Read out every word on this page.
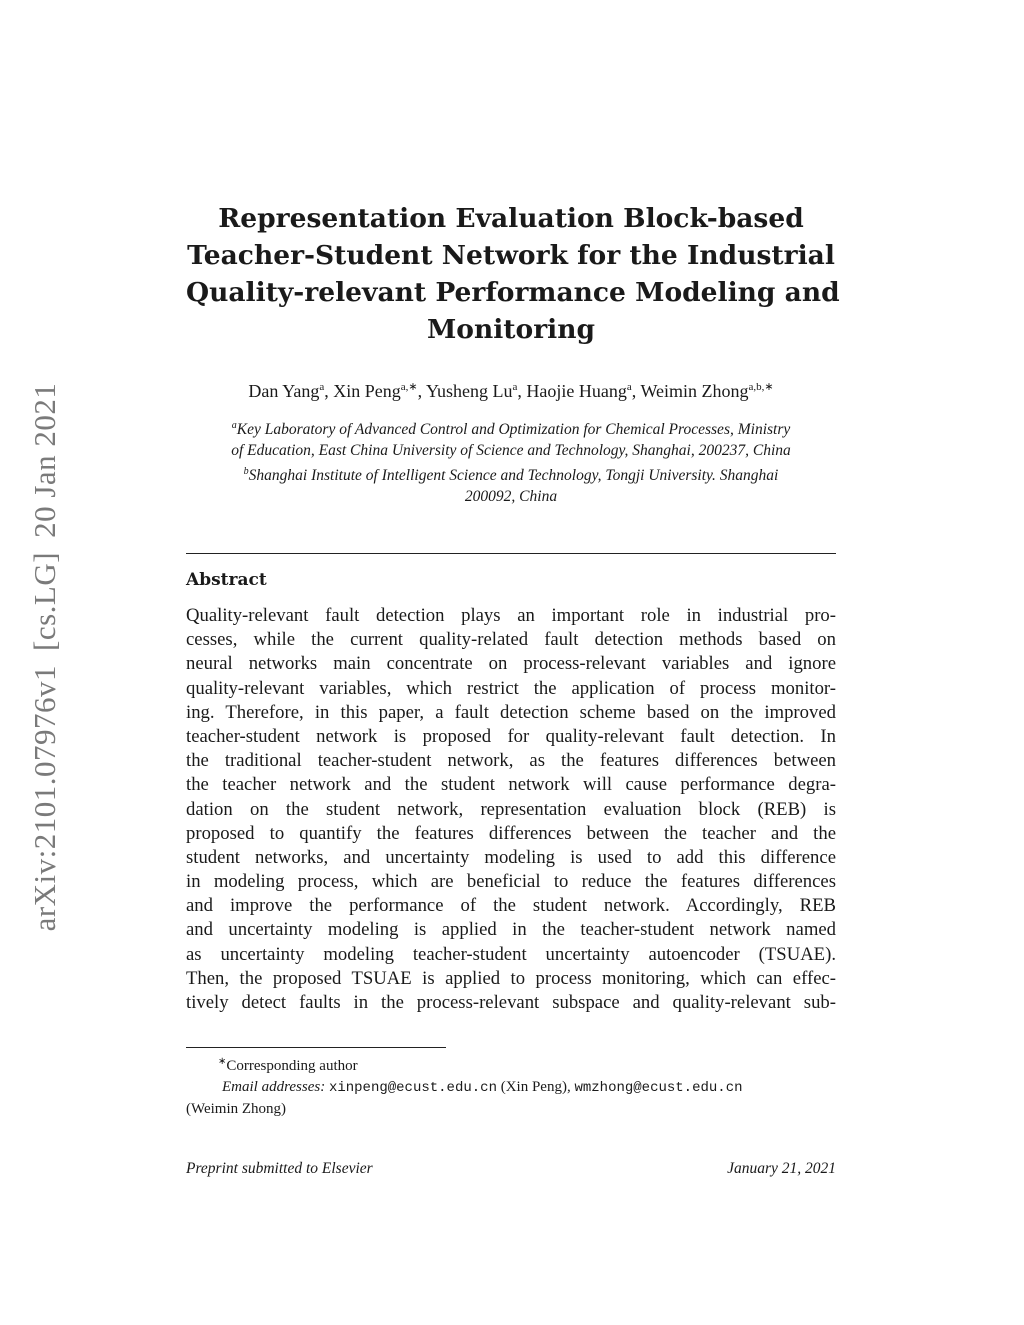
arXiv:2101.07976v1[cs.LG]20 Jan 2021
Representation Evaluation Block-based
Teacher-Student Network for the Industrial
Quality-relevant Performance Modeling and
Monitoring
Dan Yang$^a$, Xin Peng$^{a,∗}$, Yusheng Lu$^a$, Haojie Huang$^a$, Weimin Zhong$^{a,b,∗}$
$^a$Key Laboratory of Advanced Control and Optimization for Chemical Processes, Ministry
of Education, East China University of Science and Technology, Shanghai, 200237, China
$^b$Shanghai Institute of Intelligent Science and Technology, Tongji University. Shanghai
200092, China
Abstract
Quality-relevant fault detection plays an important role in industrial pro-
cesses, while the current quality-related fault detection methods based on
neural networks main concentrate on process-relevant variables and ignore
quality-relevant variables, which restrict the application of process monitor-
ing. Therefore, in this paper, a fault detection scheme based on the improved
teacher-student network is proposed for quality-relevant fault detection. In
the traditional teacher-student network, as the features differences between
the teacher network and the student network will cause performance degra-
dation on the student network, representation evaluation block (REB) is
proposed to quantify the features differences between the teacher and the
student networks, and uncertainty modeling is used to add this difference
in modeling process, which are beneficial to reduce the features differences
and improve the performance of the student network. Accordingly, REB
and uncertainty modeling is applied in the teacher-student network named
as uncertainty modeling teacher-student uncertainty autoencoder (TSUAE).
Then, the proposed TSUAE is applied to process monitoring, which can effec-
tively detect faults in the process-relevant subspace and quality-relevant sub-
∗Corresponding author
Email addresses: xinpeng@ecust.edu.cn (Xin Peng), wmzhong@ecust.edu.cn
(Weimin Zhong)
Preprint submitted to Elsevier	January 21, 2021
